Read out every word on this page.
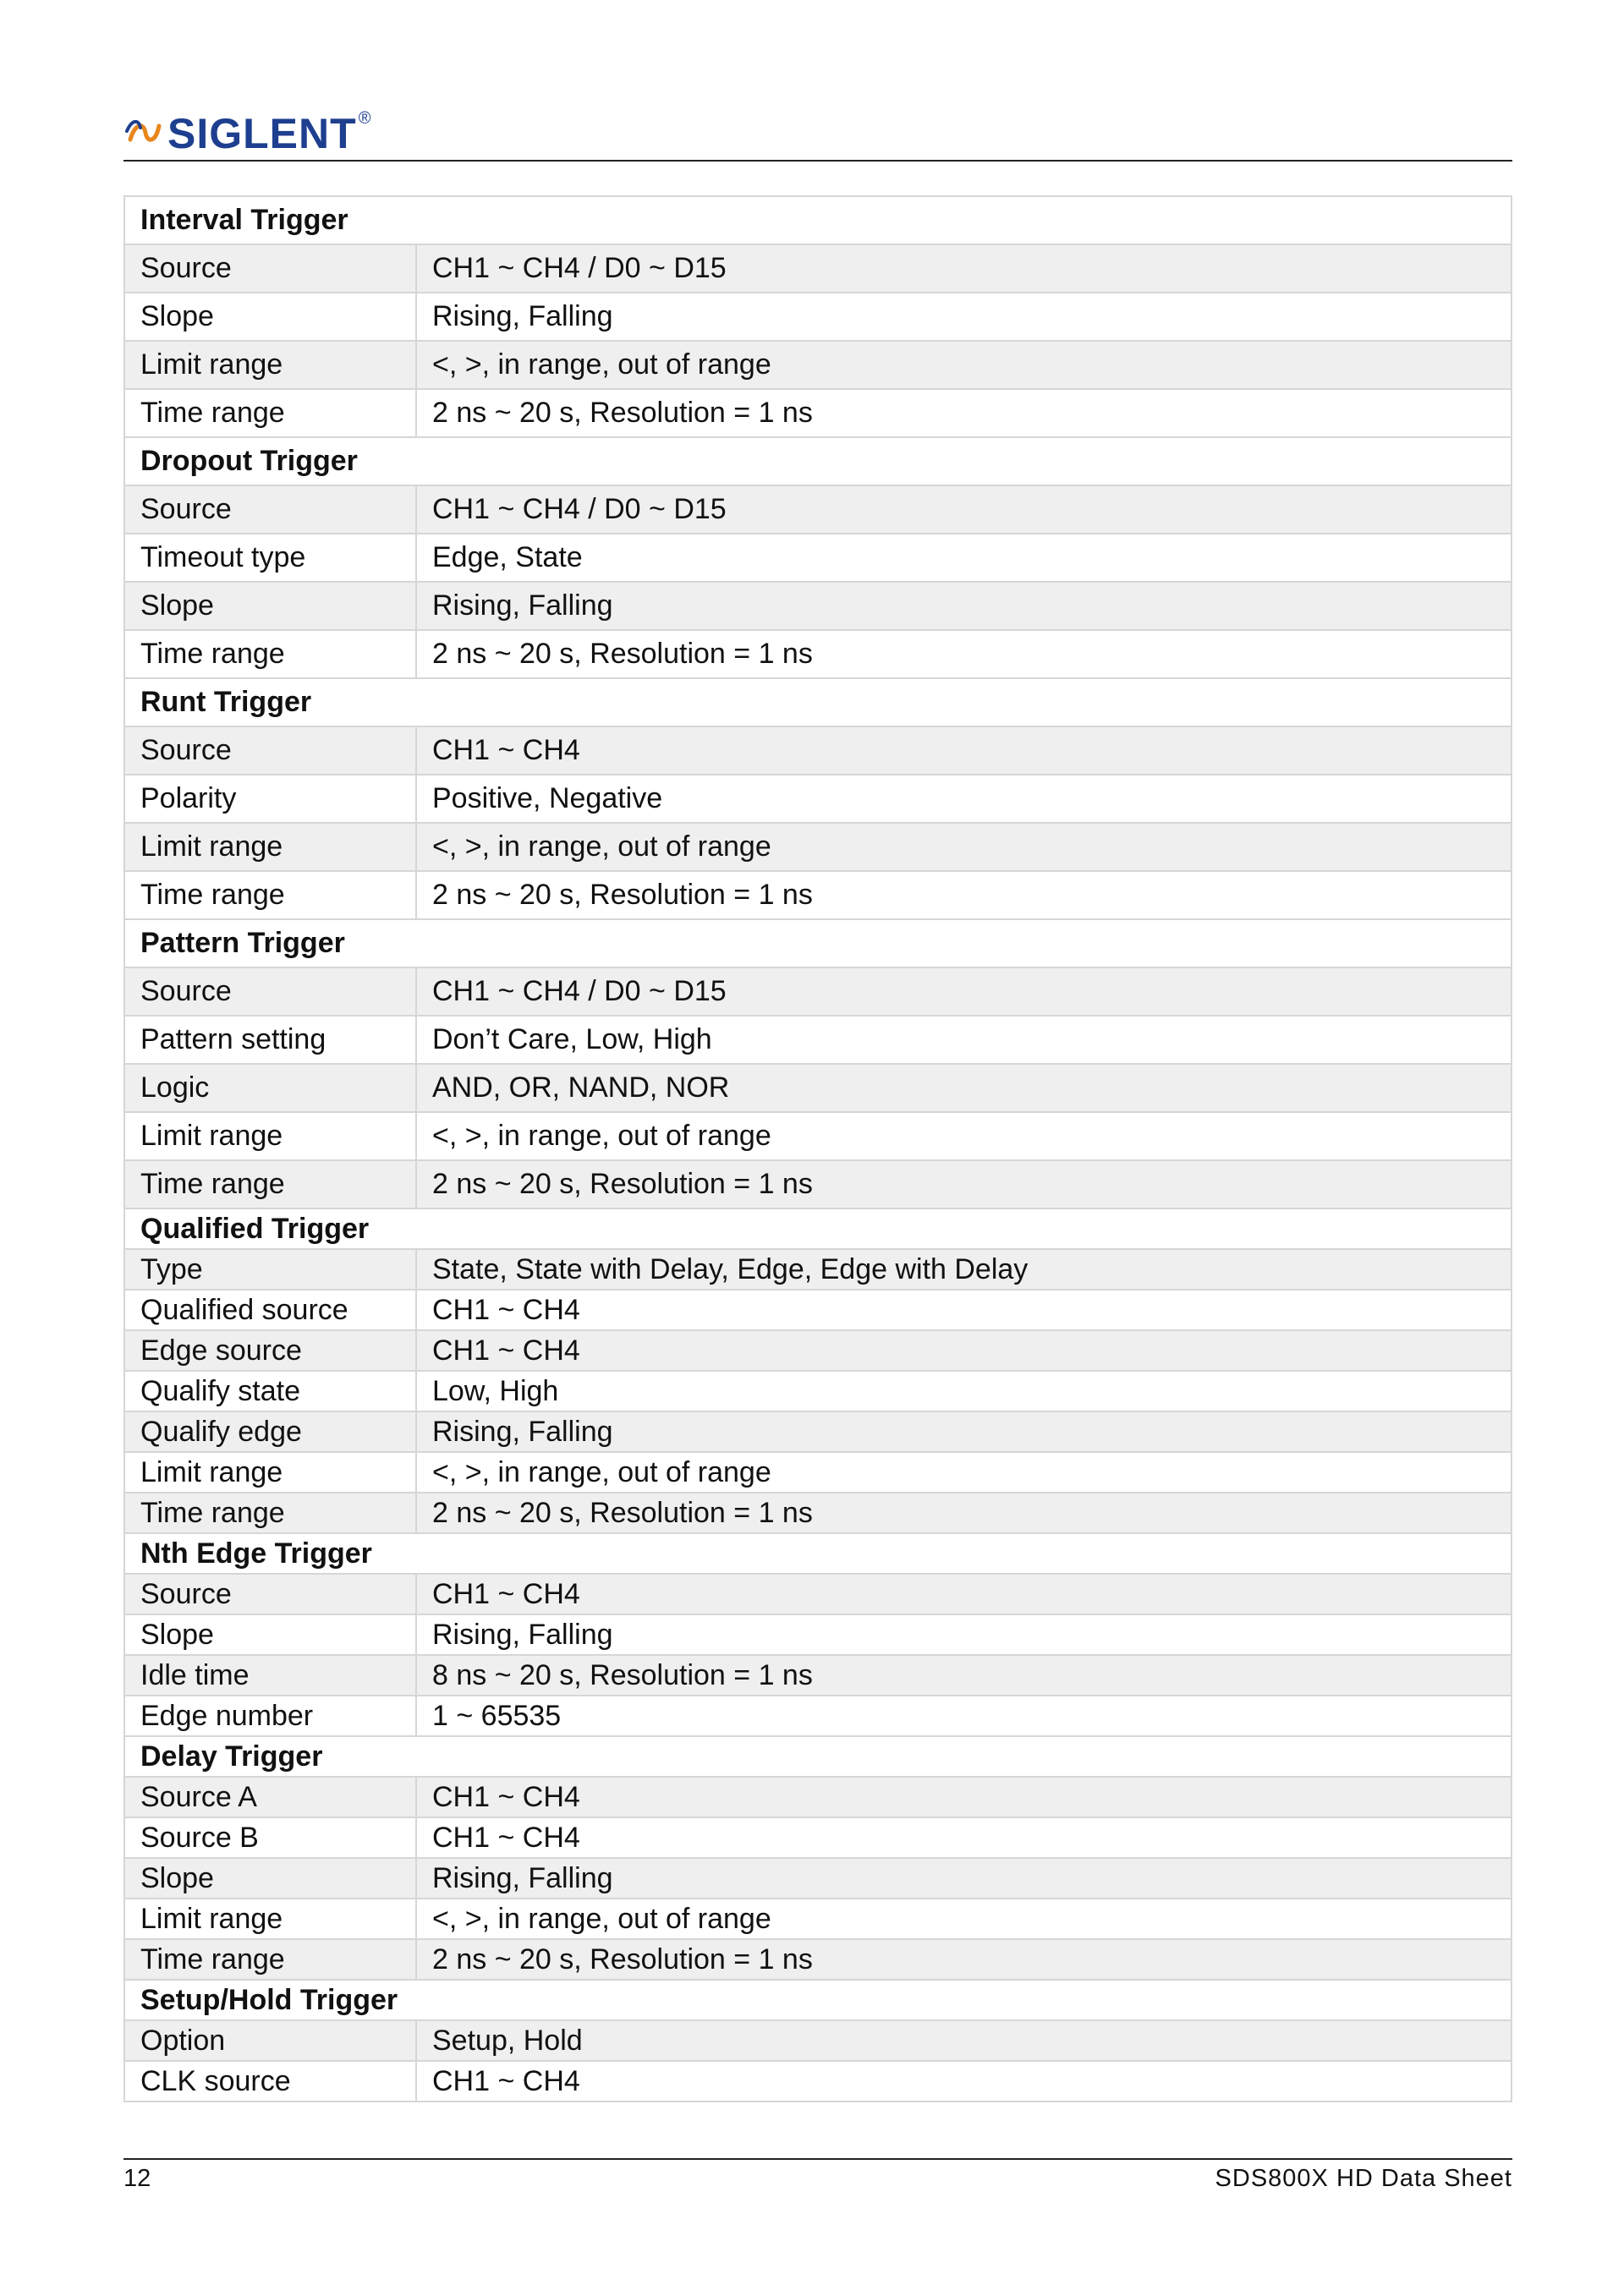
SIGLENT ®
Interval Trigger	
Source	CH1 ~ CH4 / D0 ~ D15
Slope	Rising, Falling
Limit range	<, >, in range, out of range
Time range	2 ns ~ 20 s, Resolution = 1 ns
Dropout Trigger	
Source	CH1 ~ CH4 / D0 ~ D15
Timeout type	Edge, State
Slope	Rising, Falling
Time range	2 ns ~ 20 s, Resolution = 1 ns
Runt Trigger	
Source	CH1 ~ CH4
Polarity	Positive, Negative
Limit range	<, >, in range, out of range
Time range	2 ns ~ 20 s, Resolution = 1 ns
Pattern Trigger	
Source	CH1 ~ CH4 / D0 ~ D15
Pattern setting	Don’t Care, Low, High
Logic	AND, OR, NAND, NOR
Limit range	<, >, in range, out of range
Time range	2 ns ~ 20 s, Resolution = 1 ns
Qualified Trigger	
Type	State, State with Delay, Edge, Edge with Delay
Qualified source	CH1 ~ CH4
Edge source	CH1 ~ CH4
Qualify state	Low, High
Qualify edge	Rising, Falling
Limit range	<, >, in range, out of range
Time range	2 ns ~ 20 s, Resolution = 1 ns
Nth Edge Trigger	
Source	CH1 ~ CH4
Slope	Rising, Falling
Idle time	8 ns ~ 20 s, Resolution = 1 ns
Edge number	1 ~ 65535
Delay Trigger	
Source A	CH1 ~ CH4
Source B	CH1 ~ CH4
Slope	Rising, Falling
Limit range	<, >, in range, out of range
Time range	2 ns ~ 20 s, Resolution = 1 ns
Setup/Hold Trigger	
Option	Setup, Hold
CLK source	CH1 ~ CH4
12	SDS800X HD Data Sheet
